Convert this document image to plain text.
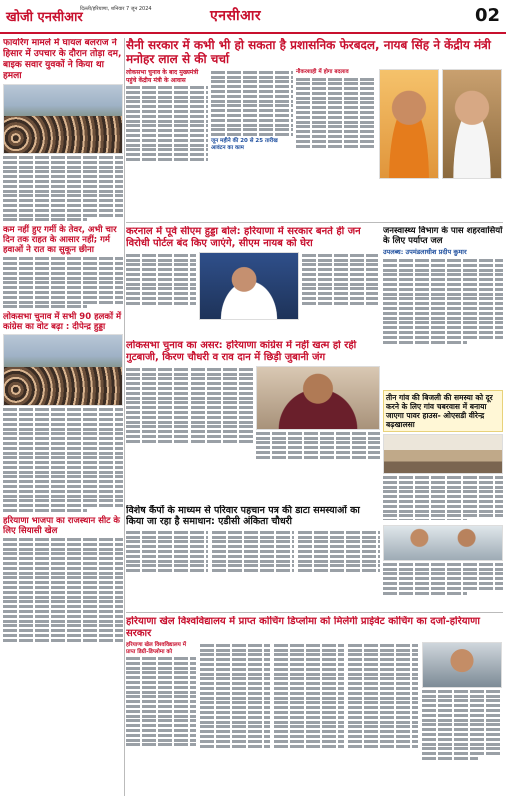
खोजी एनसीआर
दिल्ली/हरियाणा, शनिवार 7 जून 2024	एनसीआर	02
फायरिंग मामले में घायल बलराज ने हिसार में उपचार के दौरान तोड़ा दम, बाइक सवार युवकों ने किया था हमला
कम नहीं हुए गर्मी के तेवर, अभी चार दिन तक राहत के आसार नहीं; गर्म हवाओं ने रात का सुकून छीना
लोकसभा चुनाव में सभी 90 हलकों में कांग्रेस का वोट बढ़ा : दीपेन्द्र हुड्डा
हरियाणा भाजपा का राजस्थान सीट के लिए सियासी खेल
सैनी सरकार में कभी भी हो सकता है प्रशासनिक फेरबदल, नायब सिंह ने केंद्रीय मंत्री मनोहर लाल से की चर्चा
लोकसभा चुनाव के बाद मुख्यमंत्री पहुंचे केंद्रीय मंत्री के आवास
जून महीने की 20 से 25 तारीख आवंटन का काम
नौकरशाही में होगा बदलाव
करनाल में पूर्व सीएम हुड्डा बोले: हरियाणा में सरकार बनते ही जन विरोधी पोर्टल बंद किए जाएंगे, सीएम नायब को घेरा
जनस्वास्थ्य विभाग के पास शहरवासियों के लिए पर्याप्त जल
उपलब्ध: उपमंडलाधीश प्रदीप कुमार
लोकसभा चुनाव का असर: हरियाणा कांग्रेस में नहीं खत्म हो रही गुटबाजी, किरण चौधरी व राव दान में छिड़ी जुबानी जंग
तीन गांव की बिजली की समस्या को दूर करने के लिए गांव चबरवास में बनाया जाएगा पावर हाउस- ओएसडी वीरेन्द्र बढ़खालसा
विशेष कैंपों के माध्यम से परिवार पहचान पत्र की डाटा समस्याओं का किया जा रहा है समाधान: एडीसी अंकिता चौधरी
हरियाणा खेल विश्वविद्यालय में प्राप्त कोचिंग डिप्लोमा को मिलेगी प्राईवेट कोचिंग का दर्जा-हरियाणा सरकार
हरियाणा खेल विश्वविद्यालय में प्राप्त डिग्री-डिप्लोमा को
